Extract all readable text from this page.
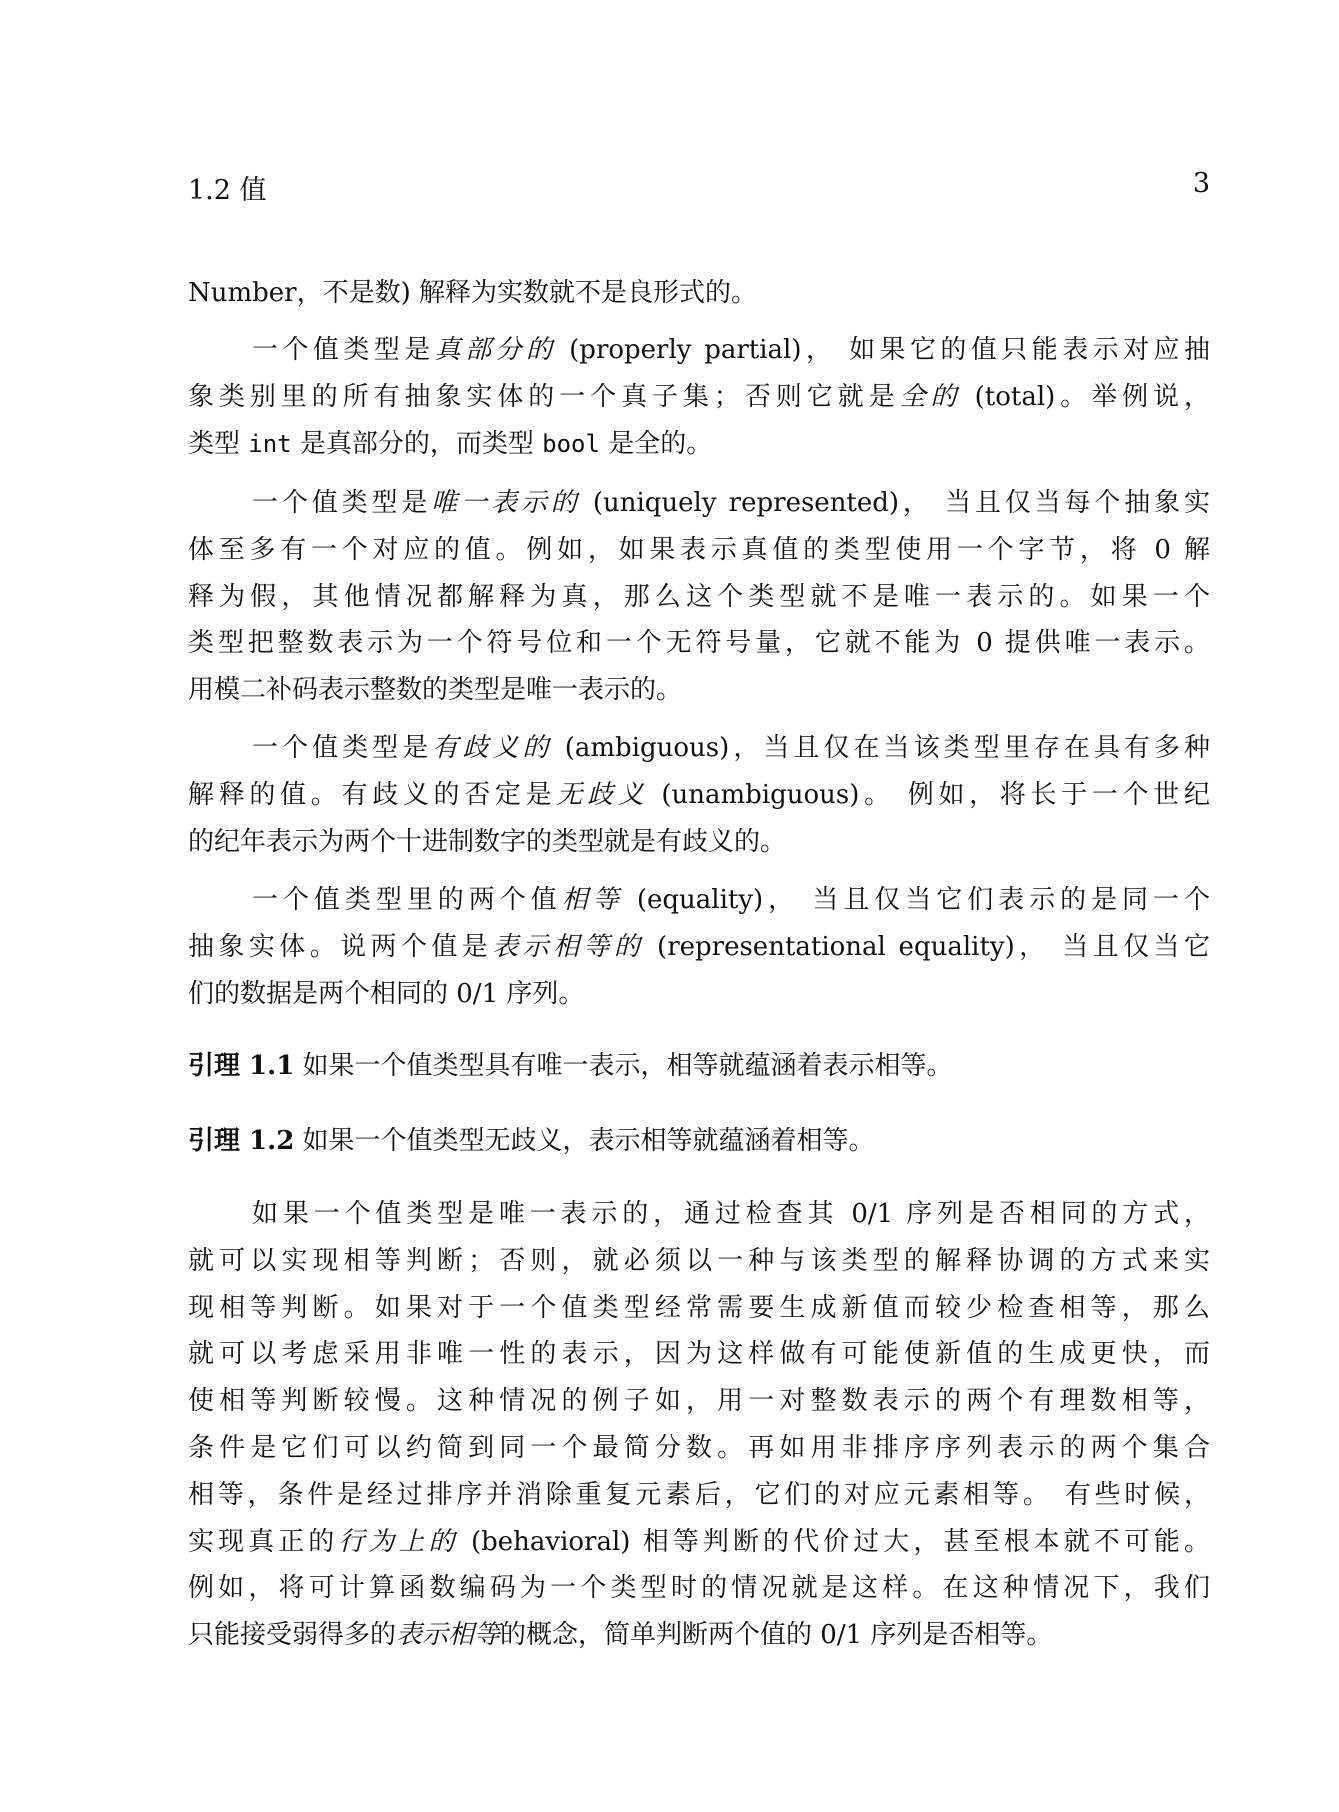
1.2 值	3
Number，不是数) 解释为实数就不是良形式的。
一个值类型是真部分的 (properly partial)， 如果它的值只能表示对应抽
象类别里的所有抽象实体的一个真子集；否则它就是全的 (total)。举例说，
类型 int 是真部分的，而类型 bool 是全的。
一个值类型是唯一表示的 (uniquely represented)， 当且仅当每个抽象实
体至多有一个对应的值。例如，如果表示真值的类型使用一个字节，将 0 解
释为假，其他情况都解释为真，那么这个类型就不是唯一表示的。如果一个
类型把整数表示为一个符号位和一个无符号量，它就不能为 0 提供唯一表示。
用模二补码表示整数的类型是唯一表示的。
一个值类型是有歧义的 (ambiguous)，当且仅在当该类型里存在具有多种
解释的值。有歧义的否定是无歧义 (unambiguous)。 例如，将长于一个世纪
的纪年表示为两个十进制数字的类型就是有歧义的。
一个值类型里的两个值相等 (equality)， 当且仅当它们表示的是同一个
抽象实体。说两个值是表示相等的 (representational equality)， 当且仅当它
们的数据是两个相同的 0/1 序列。
引理 1.1 如果一个值类型具有唯一表示，相等就蕴涵着表示相等。
引理 1.2 如果一个值类型无歧义，表示相等就蕴涵着相等。
如果一个值类型是唯一表示的，通过检查其 0/1 序列是否相同的方式，
就可以实现相等判断；否则，就必须以一种与该类型的解释协调的方式来实
现相等判断。如果对于一个值类型经常需要生成新值而较少检查相等，那么
就可以考虑采用非唯一性的表示，因为这样做有可能使新值的生成更快，而
使相等判断较慢。这种情况的例子如，用一对整数表示的两个有理数相等，
条件是它们可以约简到同一个最简分数。再如用非排序序列表示的两个集合
相等，条件是经过排序并消除重复元素后，它们的对应元素相等。 有些时候，
实现真正的行为上的 (behavioral) 相等判断的代价过大，甚至根本就不可能。
例如，将可计算函数编码为一个类型时的情况就是这样。在这种情况下，我们
只能接受弱得多的表示相等的概念，简单判断两个值的 0/1 序列是否相等。
